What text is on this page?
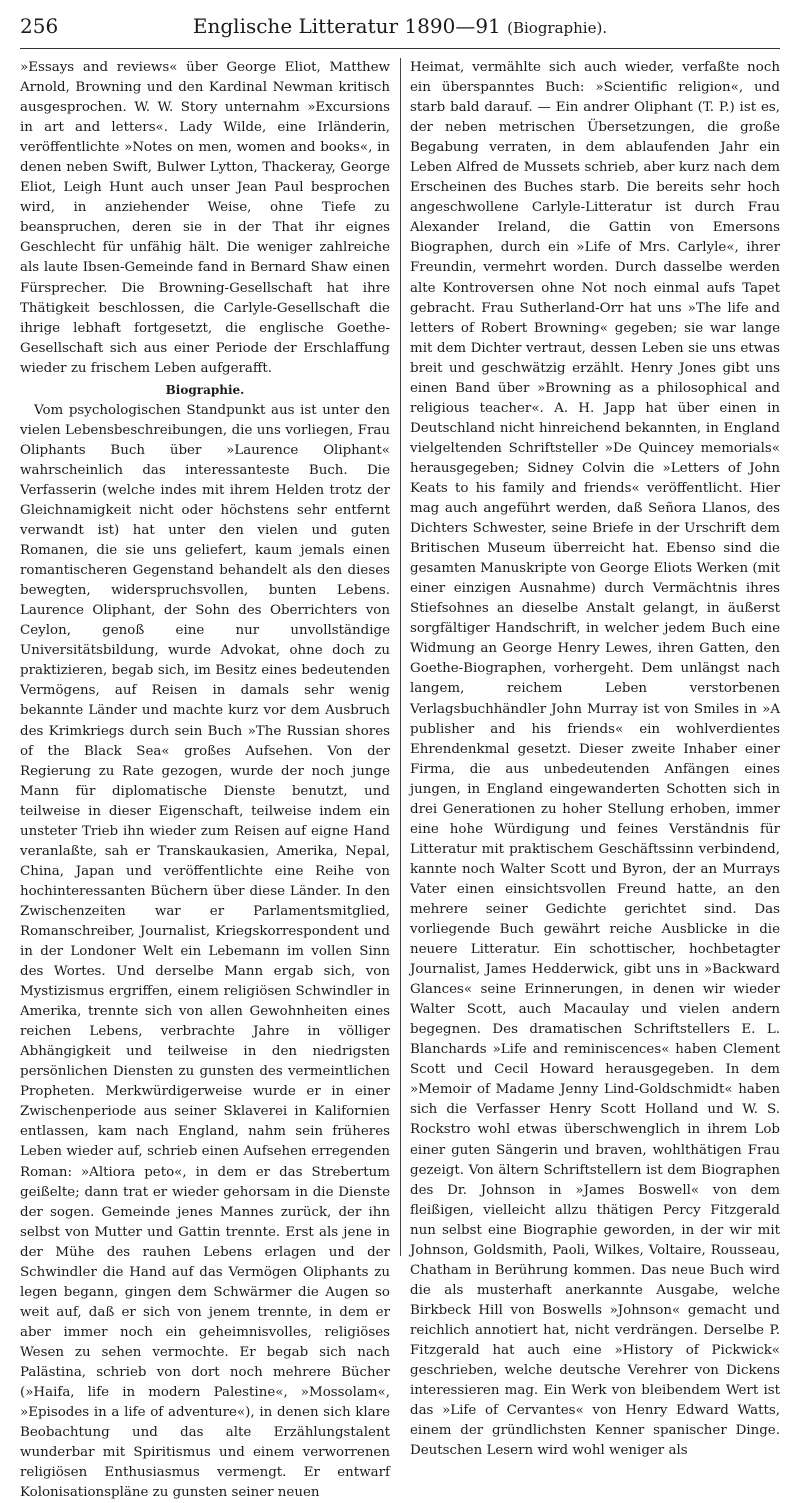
256	Englische Litteratur 1890—91 (Biographie).

»Essays and reviews« über George Eliot, Matthew Arnold, Browning und den Kardinal Newman kritisch ausgesprochen. W. W. Story unternahm »Excursions in art and letters«. Lady Wilde, eine Irländerin, veröffentlichte »Notes on men, women and books«, in denen neben Swift, Bulwer Lytton, Thackeray, George Eliot, Leigh Hunt auch unser Jean Paul besprochen wird, in anziehender Weise, ohne Tiefe zu beanspruchen, deren sie in der That ihr eignes Geschlecht für unfähig hält. Die weniger zahlreiche als laute Ibsen-Gemeinde fand in Bernard Shaw einen Fürsprecher. Die Browning-Gesellschaft hat ihre Thätigkeit beschlossen, die Carlyle-Gesellschaft die ihrige lebhaft fortgesetzt, die englische Goethe-Gesellschaft sich aus einer Periode der Erschlaffung wieder zu frischem Leben aufgerafft.

Biographie.

Vom psychologischen Standpunkt aus ist unter den vielen Lebensbeschreibungen, die uns vorliegen, Frau Oliphants Buch über »Laurence Oliphant« wahrscheinlich das interessanteste Buch. Die Verfasserin (welche indes mit ihrem Helden trotz der Gleichnamigkeit nicht oder höchstens sehr entfernt verwandt ist) hat unter den vielen und guten Romanen, die sie uns geliefert, kaum jemals einen romantischeren Gegenstand behandelt als den dieses bewegten, widerspruchsvollen, bunten Lebens. Laurence Oliphant, der Sohn des Oberrichters von Ceylon, genoß eine nur unvollständige Universitätsbildung, wurde Advokat, ohne doch zu praktizieren, begab sich, im Besitz eines bedeutenden Vermögens, auf Reisen in damals sehr wenig bekannte Länder und machte kurz vor dem Ausbruch des Krimkriegs durch sein Buch »The Russian shores of the Black Sea« großes Aufsehen. Von der Regierung zu Rate gezogen, wurde der noch junge Mann für diplomatische Dienste benutzt, und teilweise in dieser Eigenschaft, teilweise indem ein unsteter Trieb ihn wieder zum Reisen auf eigne Hand veranlaßte, sah er Transkaukasien, Amerika, Nepal, China, Japan und veröffentlichte eine Reihe von hochinteressanten Büchern über diese Länder. In den Zwischenzeiten war er Parlamentsmitglied, Romanschreiber, Journalist, Kriegskorrespondent und in der Londoner Welt ein Lebemann im vollen Sinn des Wortes. Und derselbe Mann ergab sich, von Mystizismus ergriffen, einem religiösen Schwindler in Amerika, trennte sich von allen Gewohnheiten eines reichen Lebens, verbrachte Jahre in völliger Abhängigkeit und teilweise in den niedrigsten persönlichen Diensten zu gunsten des vermeintlichen Propheten. Merkwürdigerweise wurde er in einer Zwischenperiode aus seiner Sklaverei in Kalifornien entlassen, kam nach England, nahm sein früheres Leben wieder auf, schrieb einen Aufsehen erregenden Roman: »Altiora peto«, in dem er das Strebertum geißelte; dann trat er wieder gehorsam in die Dienste der sogen. Gemeinde jenes Mannes zurück, der ihn selbst von Mutter und Gattin trennte. Erst als jene in der Mühe des rauhen Lebens erlagen und der Schwindler die Hand auf das Vermögen Oliphants zu legen begann, gingen dem Schwärmer die Augen so weit auf, daß er sich von jenem trennte, in dem er aber immer noch ein geheimnisvolles, religiöses Wesen zu sehen vermochte. Er begab sich nach Palästina, schrieb von dort noch mehrere Bücher (»Haifa, life in modern Palestine«, »Mossolam«, »Episodes in a life of adventure«), in denen sich klare Beobachtung und das alte Erzählungstalent wunderbar mit Spiritismus und einem verworrenen religiösen Enthusiasmus vermengt. Er entwarf Kolonisationspläne zu gunsten seiner neuen

Heimat, vermählte sich auch wieder, verfaßte noch ein überspanntes Buch: »Scientific religion«, und starb bald darauf. — Ein andrer Oliphant (T. P.) ist es, der neben metrischen Übersetzungen, die große Begabung verraten, in dem ablaufenden Jahr ein Leben Alfred de Mussets schrieb, aber kurz nach dem Erscheinen des Buches starb. Die bereits sehr hoch angeschwollene Carlyle-Litteratur ist durch Frau Alexander Ireland, die Gattin von Emersons Biographen, durch ein »Life of Mrs. Carlyle«, ihrer Freundin, vermehrt worden. Durch dasselbe werden alte Kontroversen ohne Not noch einmal aufs Tapet gebracht. Frau Sutherland-Orr hat uns »The life and letters of Robert Browning« gegeben; sie war lange mit dem Dichter vertraut, dessen Leben sie uns etwas breit und geschwätzig erzählt. Henry Jones gibt uns einen Band über »Browning as a philosophical and religious teacher«. A. H. Japp hat über einen in Deutschland nicht hinreichend bekannten, in England vielgeltenden Schriftsteller »De Quincey memorials« herausgegeben; Sidney Colvin die »Letters of John Keats to his family and friends« veröffentlicht. Hier mag auch angeführt werden, daß Señora Llanos, des Dichters Schwester, seine Briefe in der Urschrift dem Britischen Museum überreicht hat. Ebenso sind die gesamten Manuskripte von George Eliots Werken (mit einer einzigen Ausnahme) durch Vermächtnis ihres Stiefsohnes an dieselbe Anstalt gelangt, in äußerst sorgfältiger Handschrift, in welcher jedem Buch eine Widmung an George Henry Lewes, ihren Gatten, den Goethe-Biographen, vorhergeht. Dem unlängst nach langem, reichem Leben verstorbenen Verlagsbuchhändler John Murray ist von Smiles in »A publisher and his friends« ein wohlverdientes Ehrendenkmal gesetzt. Dieser zweite Inhaber einer Firma, die aus unbedeutenden Anfängen eines jungen, in England eingewanderten Schotten sich in drei Generationen zu hoher Stellung erhoben, immer eine hohe Würdigung und feines Verständnis für Litteratur mit praktischem Geschäftssinn verbindend, kannte noch Walter Scott und Byron, der an Murrays Vater einen einsichtsvollen Freund hatte, an den mehrere seiner Gedichte gerichtet sind. Das vorliegende Buch gewährt reiche Ausblicke in die neuere Litteratur. Ein schottischer, hochbetagter Journalist, James Hedderwick, gibt uns in »Backward Glances« seine Erinnerungen, in denen wir wieder Walter Scott, auch Macaulay und vielen andern begegnen. Des dramatischen Schriftstellers E. L. Blanchards »Life and reminiscences« haben Clement Scott und Cecil Howard herausgegeben. In dem »Memoir of Madame Jenny Lind-Goldschmidt« haben sich die Verfasser Henry Scott Holland und W. S. Rockstro wohl etwas überschwenglich in ihrem Lob einer guten Sängerin und braven, wohlthätigen Frau gezeigt. Von ältern Schriftstellern ist dem Biographen des Dr. Johnson in »James Boswell« von dem fleißigen, vielleicht allzu thätigen Percy Fitzgerald nun selbst eine Biographie geworden, in der wir mit Johnson, Goldsmith, Paoli, Wilkes, Voltaire, Rousseau, Chatham in Berührung kommen. Das neue Buch wird die als musterhaft anerkannte Ausgabe, welche Birkbeck Hill von Boswells »Johnson« gemacht und reichlich annotiert hat, nicht verdrängen. Derselbe P. Fitzgerald hat auch eine »History of Pickwick« geschrieben, welche deutsche Verehrer von Dickens interessieren mag. Ein Werk von bleibendem Wert ist das »Life of Cervantes« von Henry Edward Watts, einem der gründlichsten Kenner spanischer Dinge. Deutschen Lesern wird wohl weniger als
